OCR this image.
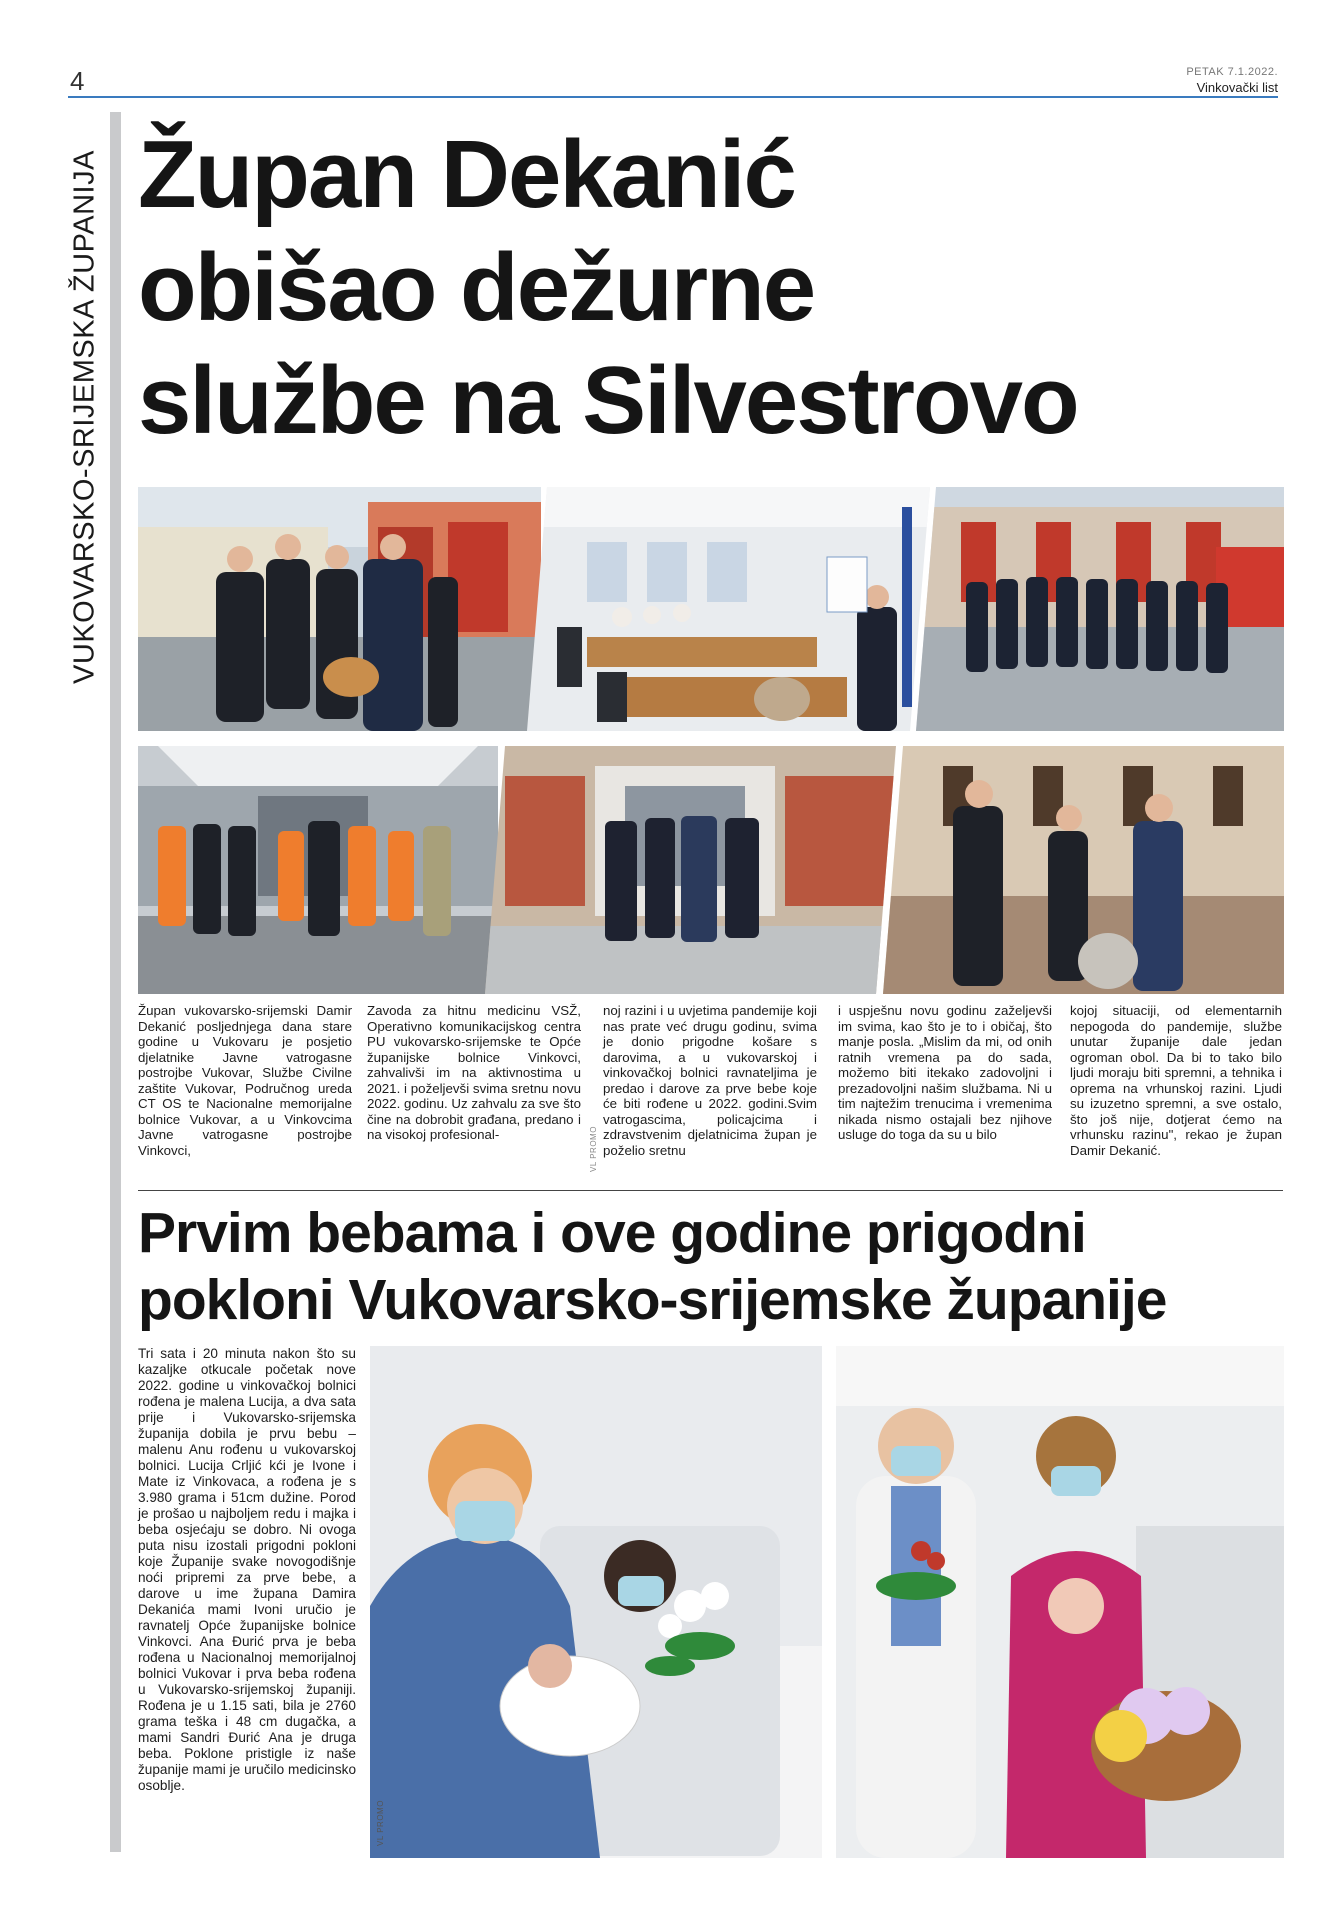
4	PETAK 7.1.2022.
Vinkovački list
VUKOVARSKO-SRIJEMSKA ŽUPANIJA Župan Dekanić
obišao dežurne
službe na Silvestrovo
Župan vukovarsko-srijemski Damir Dekanić posljednjega dana stare godine u Vukovaru je posjetio djelatnike Javne vatrogasne postrojbe Vukovar, Službe Civilne zaštite Vukovar, Područnog ureda CT OS te Nacionalne memorijalne bolnice Vukovar, a u Vinkovcima Javne vatrogasne postrojbe Vinkovci,
Zavoda za hitnu medicinu VSŽ, Operativno komunikacijskog centra PU vukovarsko-srijemske te Opće županijske bolnice Vinkovci, zahvalivši im na aktivnostima u 2021. i poželjevši svima sretnu novu 2022. godinu. Uz zahvalu za sve što čine na dobrobit građana, predano i na visokoj profesional-
noj razini i u uvjetima pandemije koji nas prate već drugu godinu, svima je donio prigodne košare s darovima, a u vukovarskoj i vinkovačkoj bolnici ravnateljima je predao i darove za prve bebe koje će biti rođene u 2022. godini.Svim vatrogascima, policajcima i zdravstvenim djelatnicima župan je poželio sretnu
i uspješnu novu godinu zaželjevši im svima, kao što je to i običaj, što manje posla. „Mislim da mi, od onih ratnih vremena pa do sada, možemo biti itekako zadovoljni i prezadovoljni našim službama. Ni u tim najtežim trenucima i vremenima nikada nismo ostajali bez njihove usluge do toga da su u bilo
kojoj situaciji, od elementarnih nepogoda do pandemije, službe unutar županije dale jedan ogroman obol. Da bi to tako bilo ljudi moraju biti spremni, a tehnika i oprema na vrhunskoj razini. Ljudi su izuzetno spremni, a sve ostalo, što još nije, dotjerat ćemo na vrhunsku razinu", rekao je župan Damir Dekanić.
VL PROMO
Prvim bebama i ove godine prigodni
pokloni Vukovarsko-srijemske županije
Tri sata i 20 minuta nakon što su kazaljke otkucale početak nove 2022. godine u vinkovačkoj bolnici rođena je malena Lucija, a dva sata prije i Vukovarsko-srijemska županija dobila je prvu bebu – malenu Anu rođenu u vukovarskoj bolnici. Lucija Crljić kći je Ivone i Mate iz Vinkovaca, a rođena je s 3.980 grama i 51cm dužine. Porod je prošao u najboljem redu i majka i beba osjećaju se dobro. Ni ovoga puta nisu izostali prigodni pokloni koje Županije svake novogodišnje noći pripremi za prve bebe, a darove u ime župana Damira Dekanića mami Ivoni uručio je ravnatelj Opće županijske bolnice Vinkovci. Ana Đurić prva je beba rođena u Nacionalnoj memorijalnoj bolnici Vukovar i prva beba rođena u Vukovarsko-srijemskoj županiji. Rođena je u 1.15 sati, bila je 2760 grama teška i 48 cm dugačka, a mami Sandri Đurić Ana je druga beba. Poklone pristigle iz naše županije mami je uručilo medicinsko osoblje.
VL PROMO
